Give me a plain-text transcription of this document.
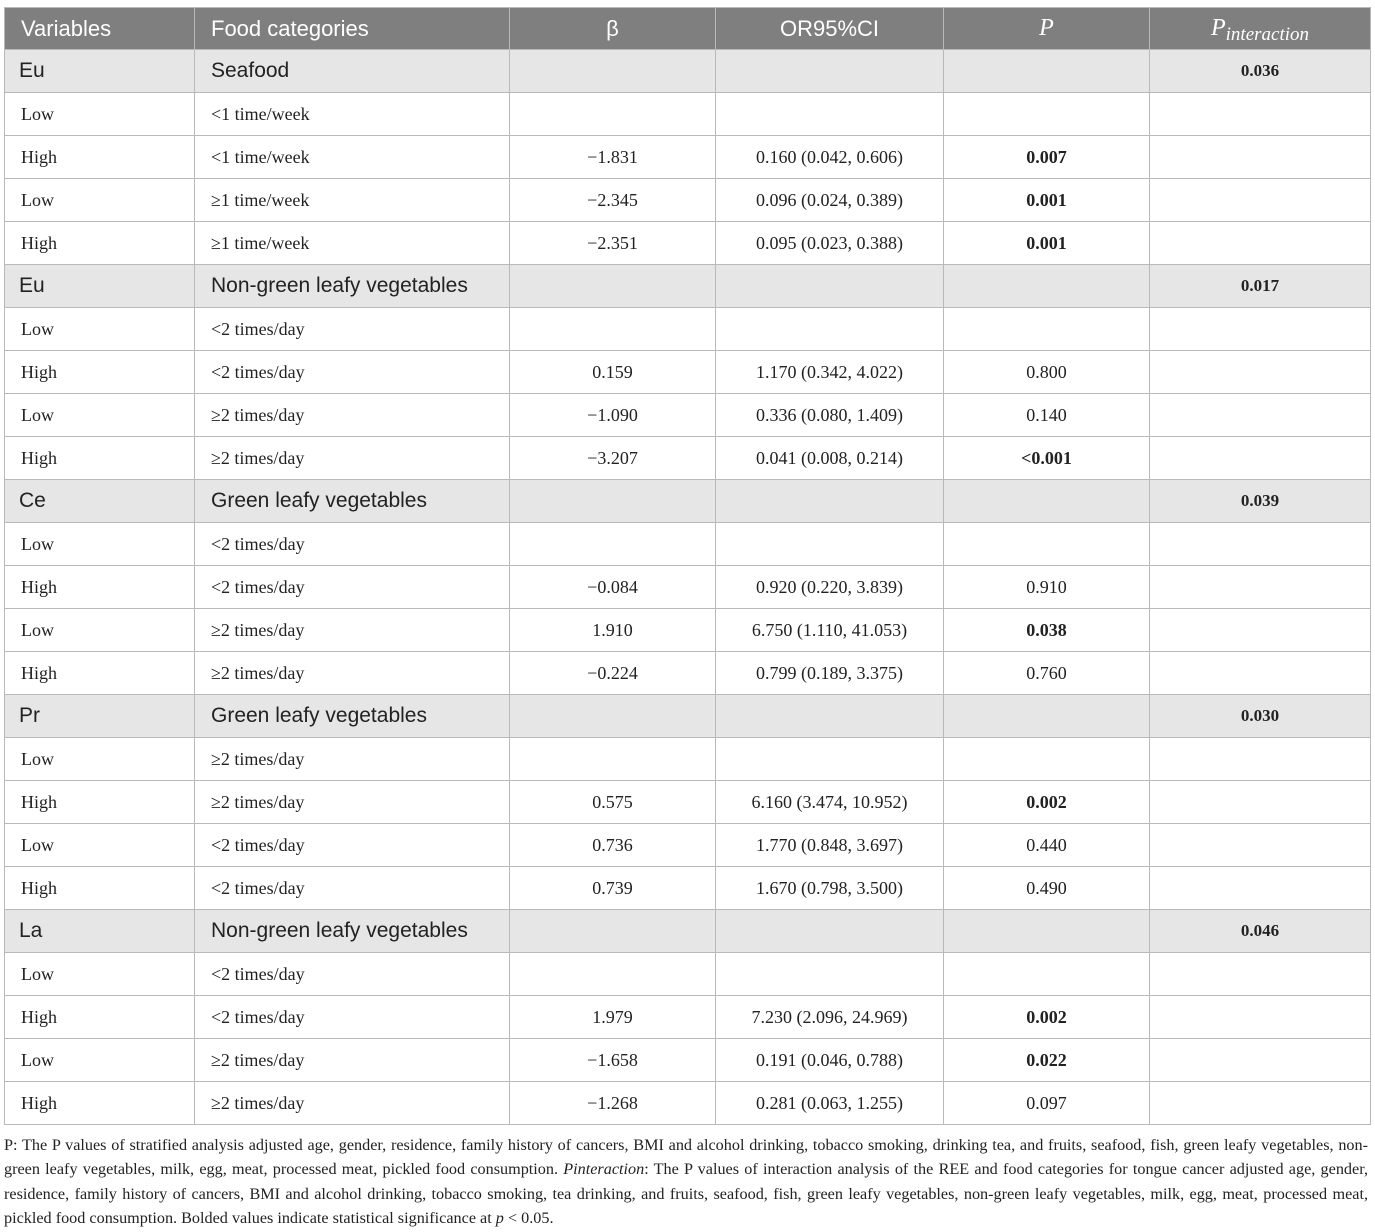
Variables	Food categories	β	OR95%CI	P	Pinteraction
Eu	Seafood				0.036
Low	<1 time/week				
High	<1 time/week	−1.831	0.160 (0.042, 0.606)	0.007	
Low	≥1 time/week	−2.345	0.096 (0.024, 0.389)	0.001	
High	≥1 time/week	−2.351	0.095 (0.023, 0.388)	0.001	
Eu	Non-green leafy vegetables				0.017
Low	<2 times/day				
High	<2 times/day	0.159	1.170 (0.342, 4.022)	0.800	
Low	≥2 times/day	−1.090	0.336 (0.080, 1.409)	0.140	
High	≥2 times/day	−3.207	0.041 (0.008, 0.214)	<0.001	
Ce	Green leafy vegetables				0.039
Low	<2 times/day				
High	<2 times/day	−0.084	0.920 (0.220, 3.839)	0.910	
Low	≥2 times/day	1.910	6.750 (1.110, 41.053)	0.038	
High	≥2 times/day	−0.224	0.799 (0.189, 3.375)	0.760	
Pr	Green leafy vegetables				0.030
Low	≥2 times/day				
High	≥2 times/day	0.575	6.160 (3.474, 10.952)	0.002	
Low	<2 times/day	0.736	1.770 (0.848, 3.697)	0.440	
High	<2 times/day	0.739	1.670 (0.798, 3.500)	0.490	
La	Non-green leafy vegetables				0.046
Low	<2 times/day				
High	<2 times/day	1.979	7.230 (2.096, 24.969)	0.002	
Low	≥2 times/day	−1.658	0.191 (0.046, 0.788)	0.022	
High	≥2 times/day	−1.268	0.281 (0.063, 1.255)	0.097	
P: The P values of stratified analysis adjusted age, gender, residence, family history of cancers, BMI and alcohol drinking, tobacco smoking, drinking tea, and fruits, seafood, fish, green leafy vegetables, non-green leafy vegetables, milk, egg, meat, processed meat, pickled food consumption. Pinteraction: The P values of interaction analysis of the REE and food categories for tongue cancer adjusted age, gender, residence, family history of cancers, BMI and alcohol drinking, tobacco smoking, tea drinking, and fruits, seafood, fish, green leafy vegetables, non-green leafy vegetables, milk, egg, meat, processed meat, pickled food consumption. Bolded values indicate statistical significance at p < 0.05.
